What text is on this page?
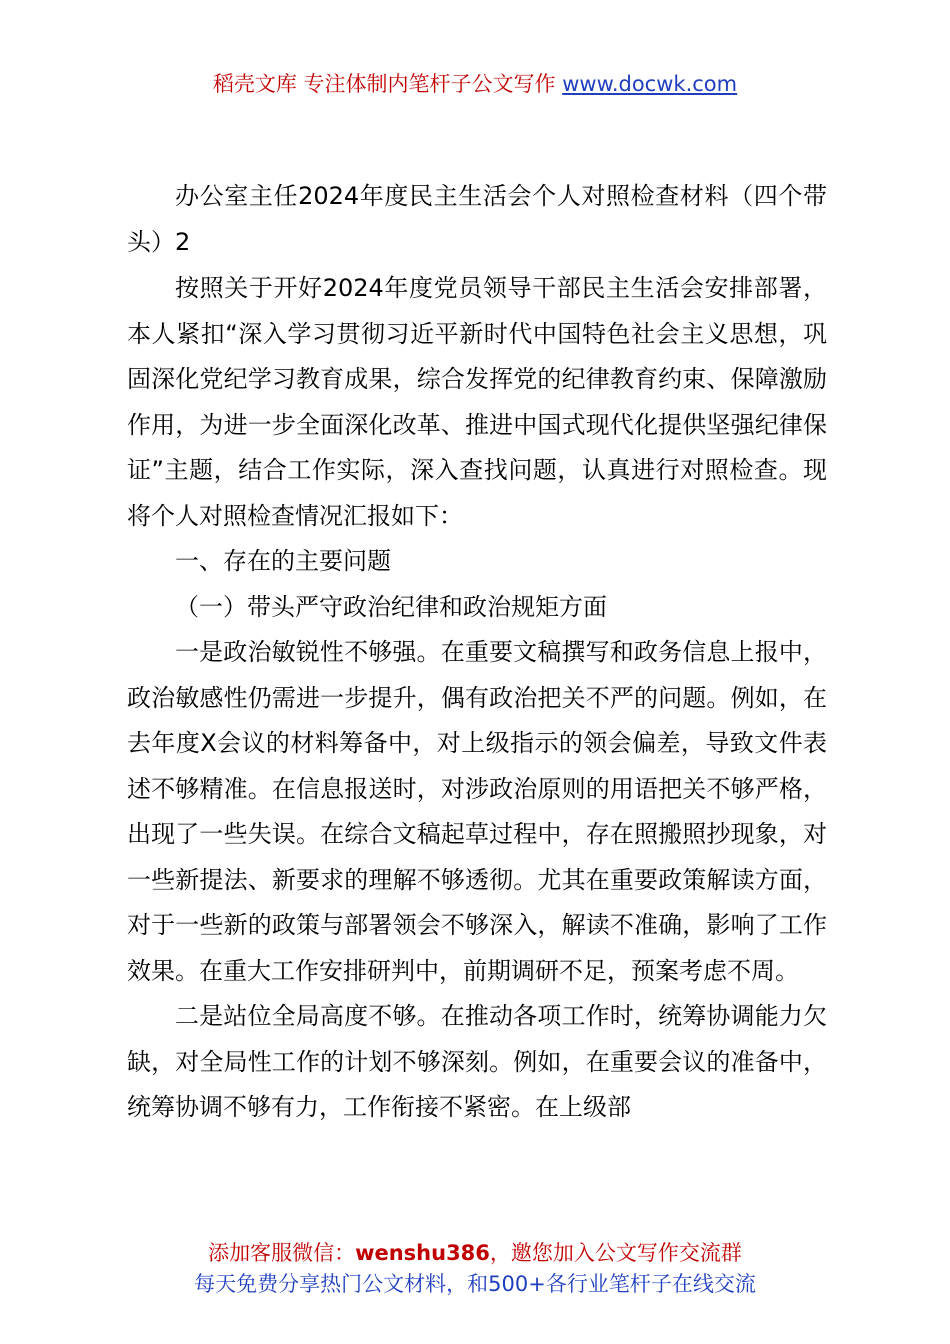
稻壳文库 专注体制内笔杆子公文写作 www.docwk.com

办公室主任2024年度民主生活会个人对照检查材料（四个带头）2

按照关于开好2024年度党员领导干部民主生活会安排部署，本人紧扣“深入学习贯彻习近平新时代中国特色社会主义思想，巩固深化党纪学习教育成果，综合发挥党的纪律教育约束、保障激励作用，为进一步全面深化改革、推进中国式现代化提供坚强纪律保证”主题，结合工作实际，深入查找问题，认真进行对照检查。现将个人对照检查情况汇报如下：

一、存在的主要问题

（一）带头严守政治纪律和政治规矩方面

一是政治敏锐性不够强。在重要文稿撰写和政务信息上报中，政治敏感性仍需进一步提升，偶有政治把关不严的问题。例如，在去年度X会议的材料筹备中，对上级指示的领会偏差，导致文件表述不够精准。在信息报送时，对涉政治原则的用语把关不够严格，出现了一些失误。在综合文稿起草过程中，存在照搬照抄现象，对一些新提法、新要求的理解不够透彻。尤其在重要政策解读方面，对于一些新的政策与部署领会不够深入，解读不准确，影响了工作效果。在重大工作安排研判中，前期调研不足，预案考虑不周。

二是站位全局高度不够。在推动各项工作时，统筹协调能力欠缺，对全局性工作的计划不够深刻。例如，在重要会议的准备中，统筹协调不够有力，工作衔接不紧密。在上级部

添加客服微信：wenshu386，邀您加入公文写作交流群
每天免费分享热门公文材料，和500+各行业笔杆子在线交流
